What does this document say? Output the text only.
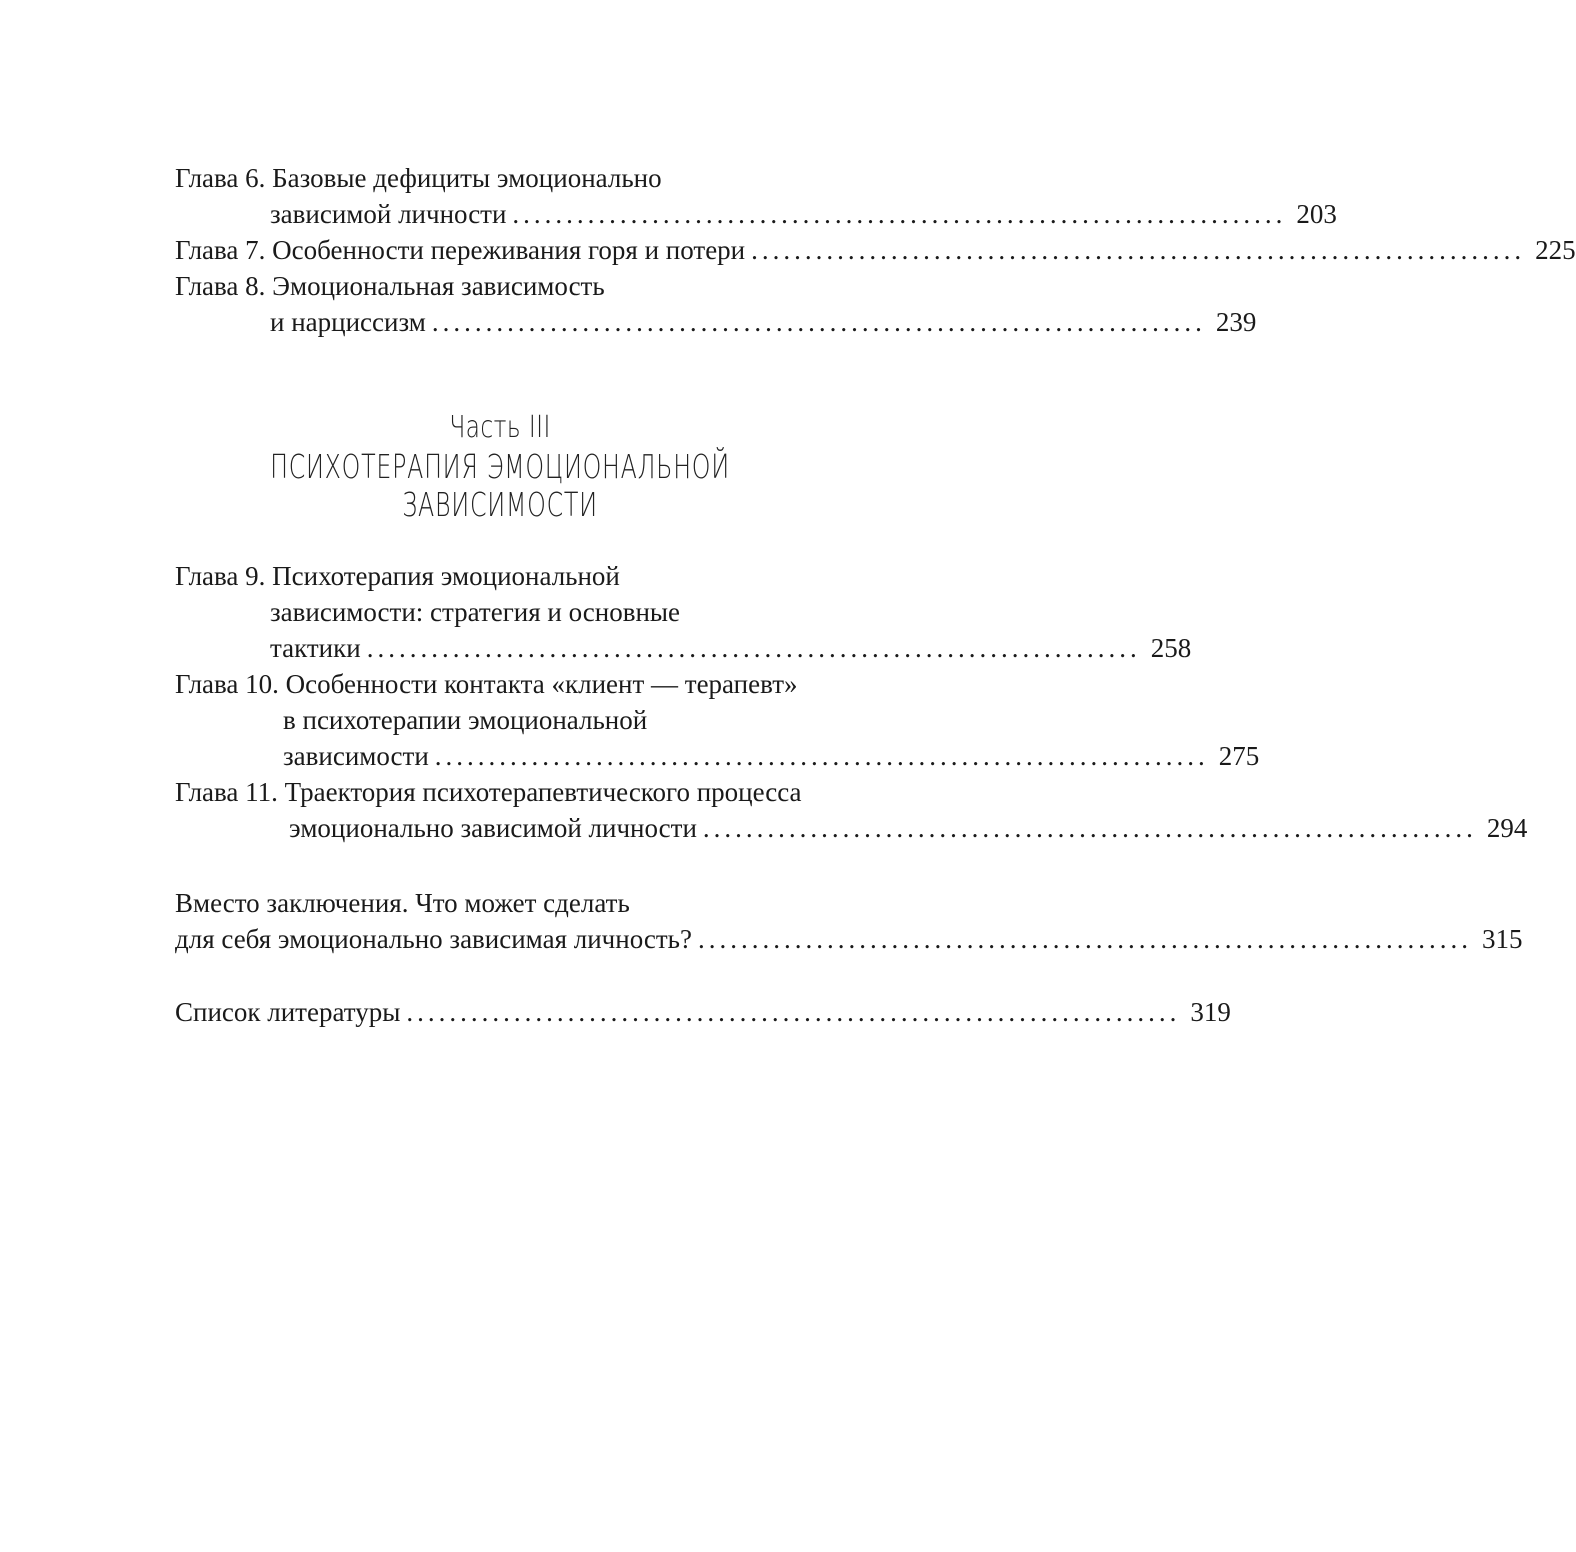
Глава 6. Базовые дефициты эмоционально
зависимой личности ........................................................................ 203
Глава 7. Особенности переживания горя и потери ........................................................................ 225
Глава 8. Эмоциональная зависимость
и нарциссизм ........................................................................ 239
Часть III
ПСИХОТЕРАПИЯ ЭМОЦИОНАЛЬНОЙ
ЗАВИСИМОСТИ
Глава 9. Психотерапия эмоциональной
зависимости: стратегия и основные
тактики ........................................................................ 258
Глава 10. Особенности контакта «клиент — терапевт»
в психотерапии эмоциональной
зависимости ........................................................................ 275
Глава 11. Траектория психотерапевтического процесса
эмоционально зависимой личности ........................................................................ 294
Вместо заключения. Что может сделать
для себя эмоционально зависимая личность? ........................................................................ 315
Список литературы ........................................................................ 319
